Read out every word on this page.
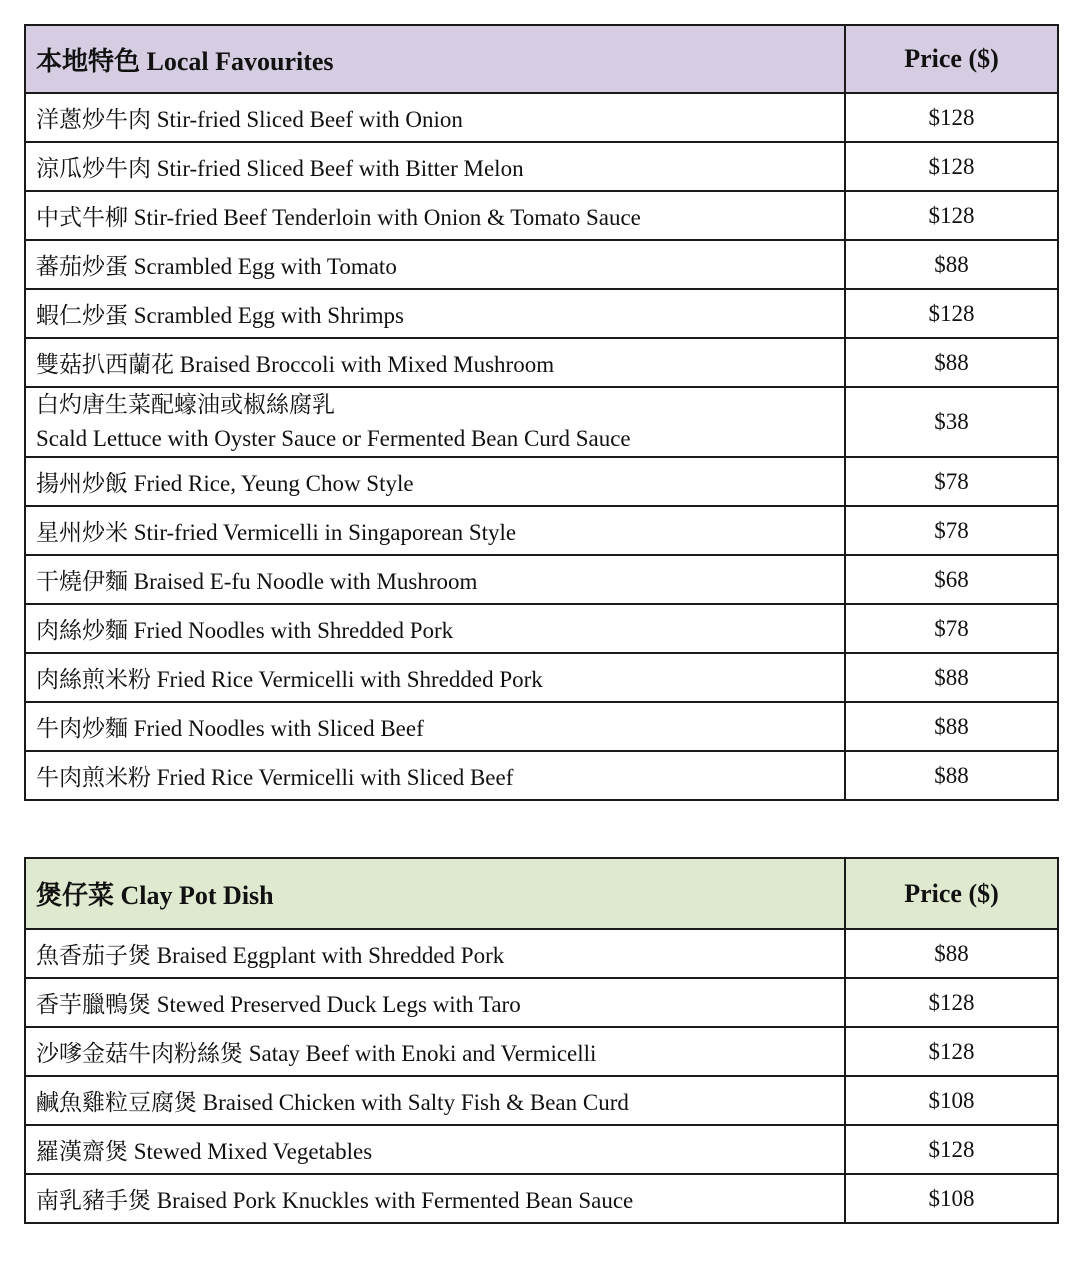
本地特色 Local Favourites	Price ($)
洋蔥炒牛肉 Stir-fried Sliced Beef with Onion	$128
涼瓜炒牛肉 Stir-fried Sliced Beef with Bitter Melon	$128
中式牛柳 Stir-fried Beef Tenderloin with Onion & Tomato Sauce	$128
蕃茄炒蛋 Scrambled Egg with Tomato	$88
蝦仁炒蛋 Scrambled Egg with Shrimps	$128
雙菇扒西蘭花 Braised Broccoli with Mixed Mushroom	$88

白灼唐生菜配蠔油或椒絲腐乳
Scald Lettuce with Oyster Sauce or Fermented Bean Curd Sauce	$38
揚州炒飯 Fried Rice, Yeung Chow Style	$78
星州炒米 Stir-fried Vermicelli in Singaporean Style	$78
干燒伊麵 Braised E-fu Noodle with Mushroom	$68
肉絲炒麵 Fried Noodles with Shredded Pork	$78
肉絲煎米粉 Fried Rice Vermicelli with Shredded Pork	$88
牛肉炒麵 Fried Noodles with Sliced Beef	$88
牛肉煎米粉 Fried Rice Vermicelli with Sliced Beef	$88
煲仔菜 Clay Pot Dish	Price ($)
魚香茄子煲 Braised Eggplant with Shredded Pork	$88
香芋臘鴨煲 Stewed Preserved Duck Legs with Taro	$128
沙嗲金菇牛肉粉絲煲 Satay Beef with Enoki and Vermicelli	$128
鹹魚雞粒豆腐煲 Braised Chicken with Salty Fish & Bean Curd	$108
羅漢齋煲 Stewed Mixed Vegetables	$128
南乳豬手煲 Braised Pork Knuckles with Fermented Bean Sauce	$108
